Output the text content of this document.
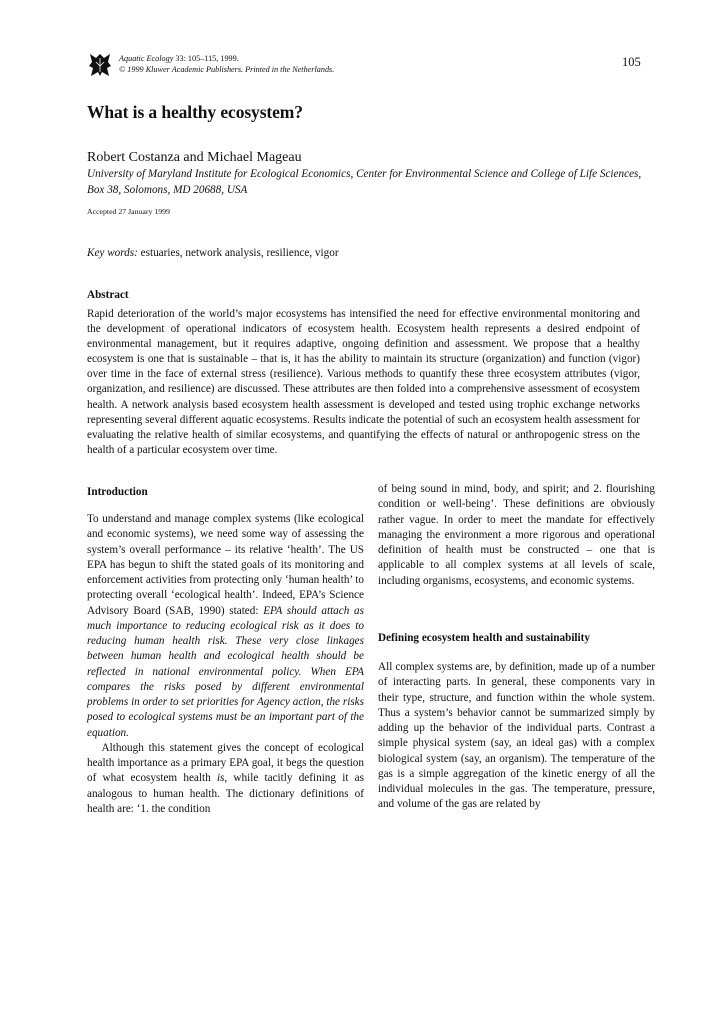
Aquatic Ecology 33: 105–115, 1999.
© 1999 Kluwer Academic Publishers. Printed in the Netherlands.
105
What is a healthy ecosystem?
Robert Costanza and Michael Mageau
University of Maryland Institute for Ecological Economics, Center for Environmental Science and College of Life Sciences, Box 38, Solomons, MD 20688, USA
Accepted 27 January 1999
Key words: estuaries, network analysis, resilience, vigor
Abstract
Rapid deterioration of the world’s major ecosystems has intensified the need for effective environmental monitoring and the development of operational indicators of ecosystem health. Ecosystem health represents a desired endpoint of environmental management, but it requires adaptive, ongoing definition and assessment. We propose that a healthy ecosystem is one that is sustainable – that is, it has the ability to maintain its structure (organization) and function (vigor) over time in the face of external stress (resilience). Various methods to quantify these three ecosystem attributes (vigor, organization, and resilience) are discussed. These attributes are then folded into a comprehensive assessment of ecosystem health. A network analysis based ecosystem health assessment is developed and tested using trophic exchange networks representing several different aquatic ecosystems. Results indicate the potential of such an ecosystem health assessment for evaluating the relative health of similar ecosystems, and quantifying the effects of natural or anthropogenic stress on the health of a particular ecosystem over time.
Introduction

To understand and manage complex systems (like ecological and economic systems), we need some way of assessing the system’s overall performance – its relative ‘health’. The US EPA has begun to shift the stated goals of its monitoring and enforcement activities from protecting only ‘human health’ to protecting overall ‘ecological health’. Indeed, EPA’s Science Advisory Board (SAB, 1990) stated: EPA should attach as much importance to reducing ecological risk as it does to reducing human health risk. These very close linkages between human health and ecological health should be reflected in national environmental policy. When EPA compares the risks posed by different environmental problems in order to set priorities for Agency action, the risks posed to ecological systems must be an important part of the equation.

Although this statement gives the concept of ecological health importance as a primary EPA goal, it begs the question of what ecosystem health is, while tacitly defining it as analogous to human health. The dictionary definitions of health are: ‘1. the condition

of being sound in mind, body, and spirit; and 2. flourishing condition or well-being’. These definitions are obviously rather vague. In order to meet the mandate for effectively managing the environment a more rigorous and operational definition of health must be constructed – one that is applicable to all complex systems at all levels of scale, including organisms, ecosystems, and economic systems.

Defining ecosystem health and sustainability

All complex systems are, by definition, made up of a number of interacting parts. In general, these components vary in their type, structure, and function within the whole system. Thus a system’s behavior cannot be summarized simply by adding up the behavior of the individual parts. Contrast a simple physical system (say, an ideal gas) with a complex biological system (say, an organism). The temperature of the gas is a simple aggregation of the kinetic energy of all the individual molecules in the gas. The temperature, pressure, and volume of the gas are related by
